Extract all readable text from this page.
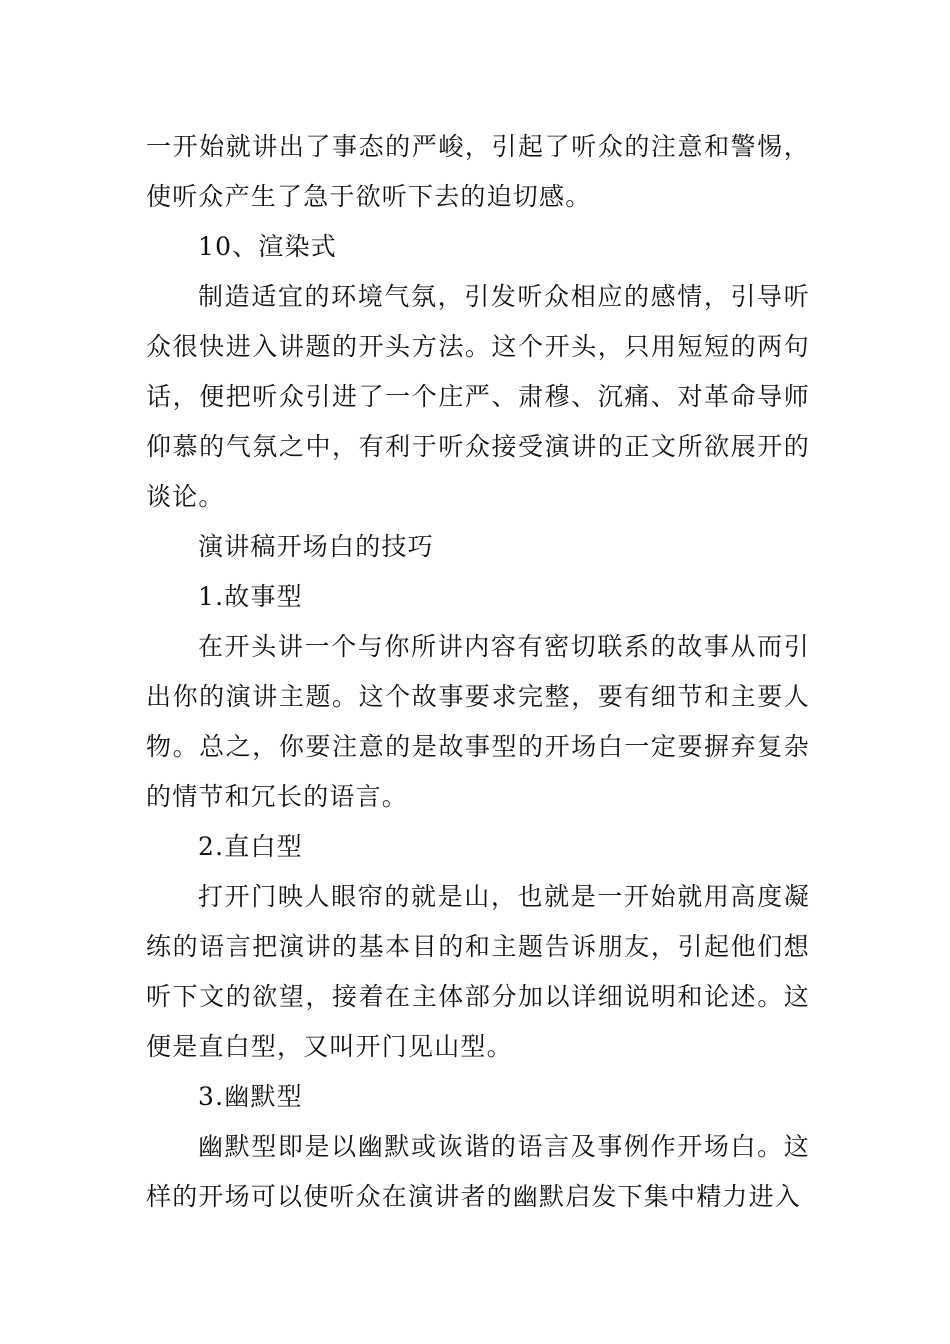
一开始就讲出了事态的严峻，引起了听众的注意和警惕，使听众产生了急于欲听下去的迫切感。

10、渲染式

制造适宜的环境气氛，引发听众相应的感情，引导听众很快进入讲题的开头方法。这个开头，只用短短的两句话，便把听众引进了一个庄严、肃穆、沉痛、对革命导师仰慕的气氛之中，有利于听众接受演讲的正文所欲展开的谈论。

演讲稿开场白的技巧

1.故事型

在开头讲一个与你所讲内容有密切联系的故事从而引出你的演讲主题。这个故事要求完整，要有细节和主要人物。总之，你要注意的是故事型的开场白一定要摒弃复杂的情节和冗长的语言。

2.直白型

打开门映人眼帘的就是山，也就是一开始就用高度凝练的语言把演讲的基本目的和主题告诉朋友，引起他们想听下文的欲望，接着在主体部分加以详细说明和论述。这便是直白型，又叫开门见山型。

3.幽默型

幽默型即是以幽默或诙谐的语言及事例作开场白。这样的开场可以使听众在演讲者的幽默启发下集中精力进入
